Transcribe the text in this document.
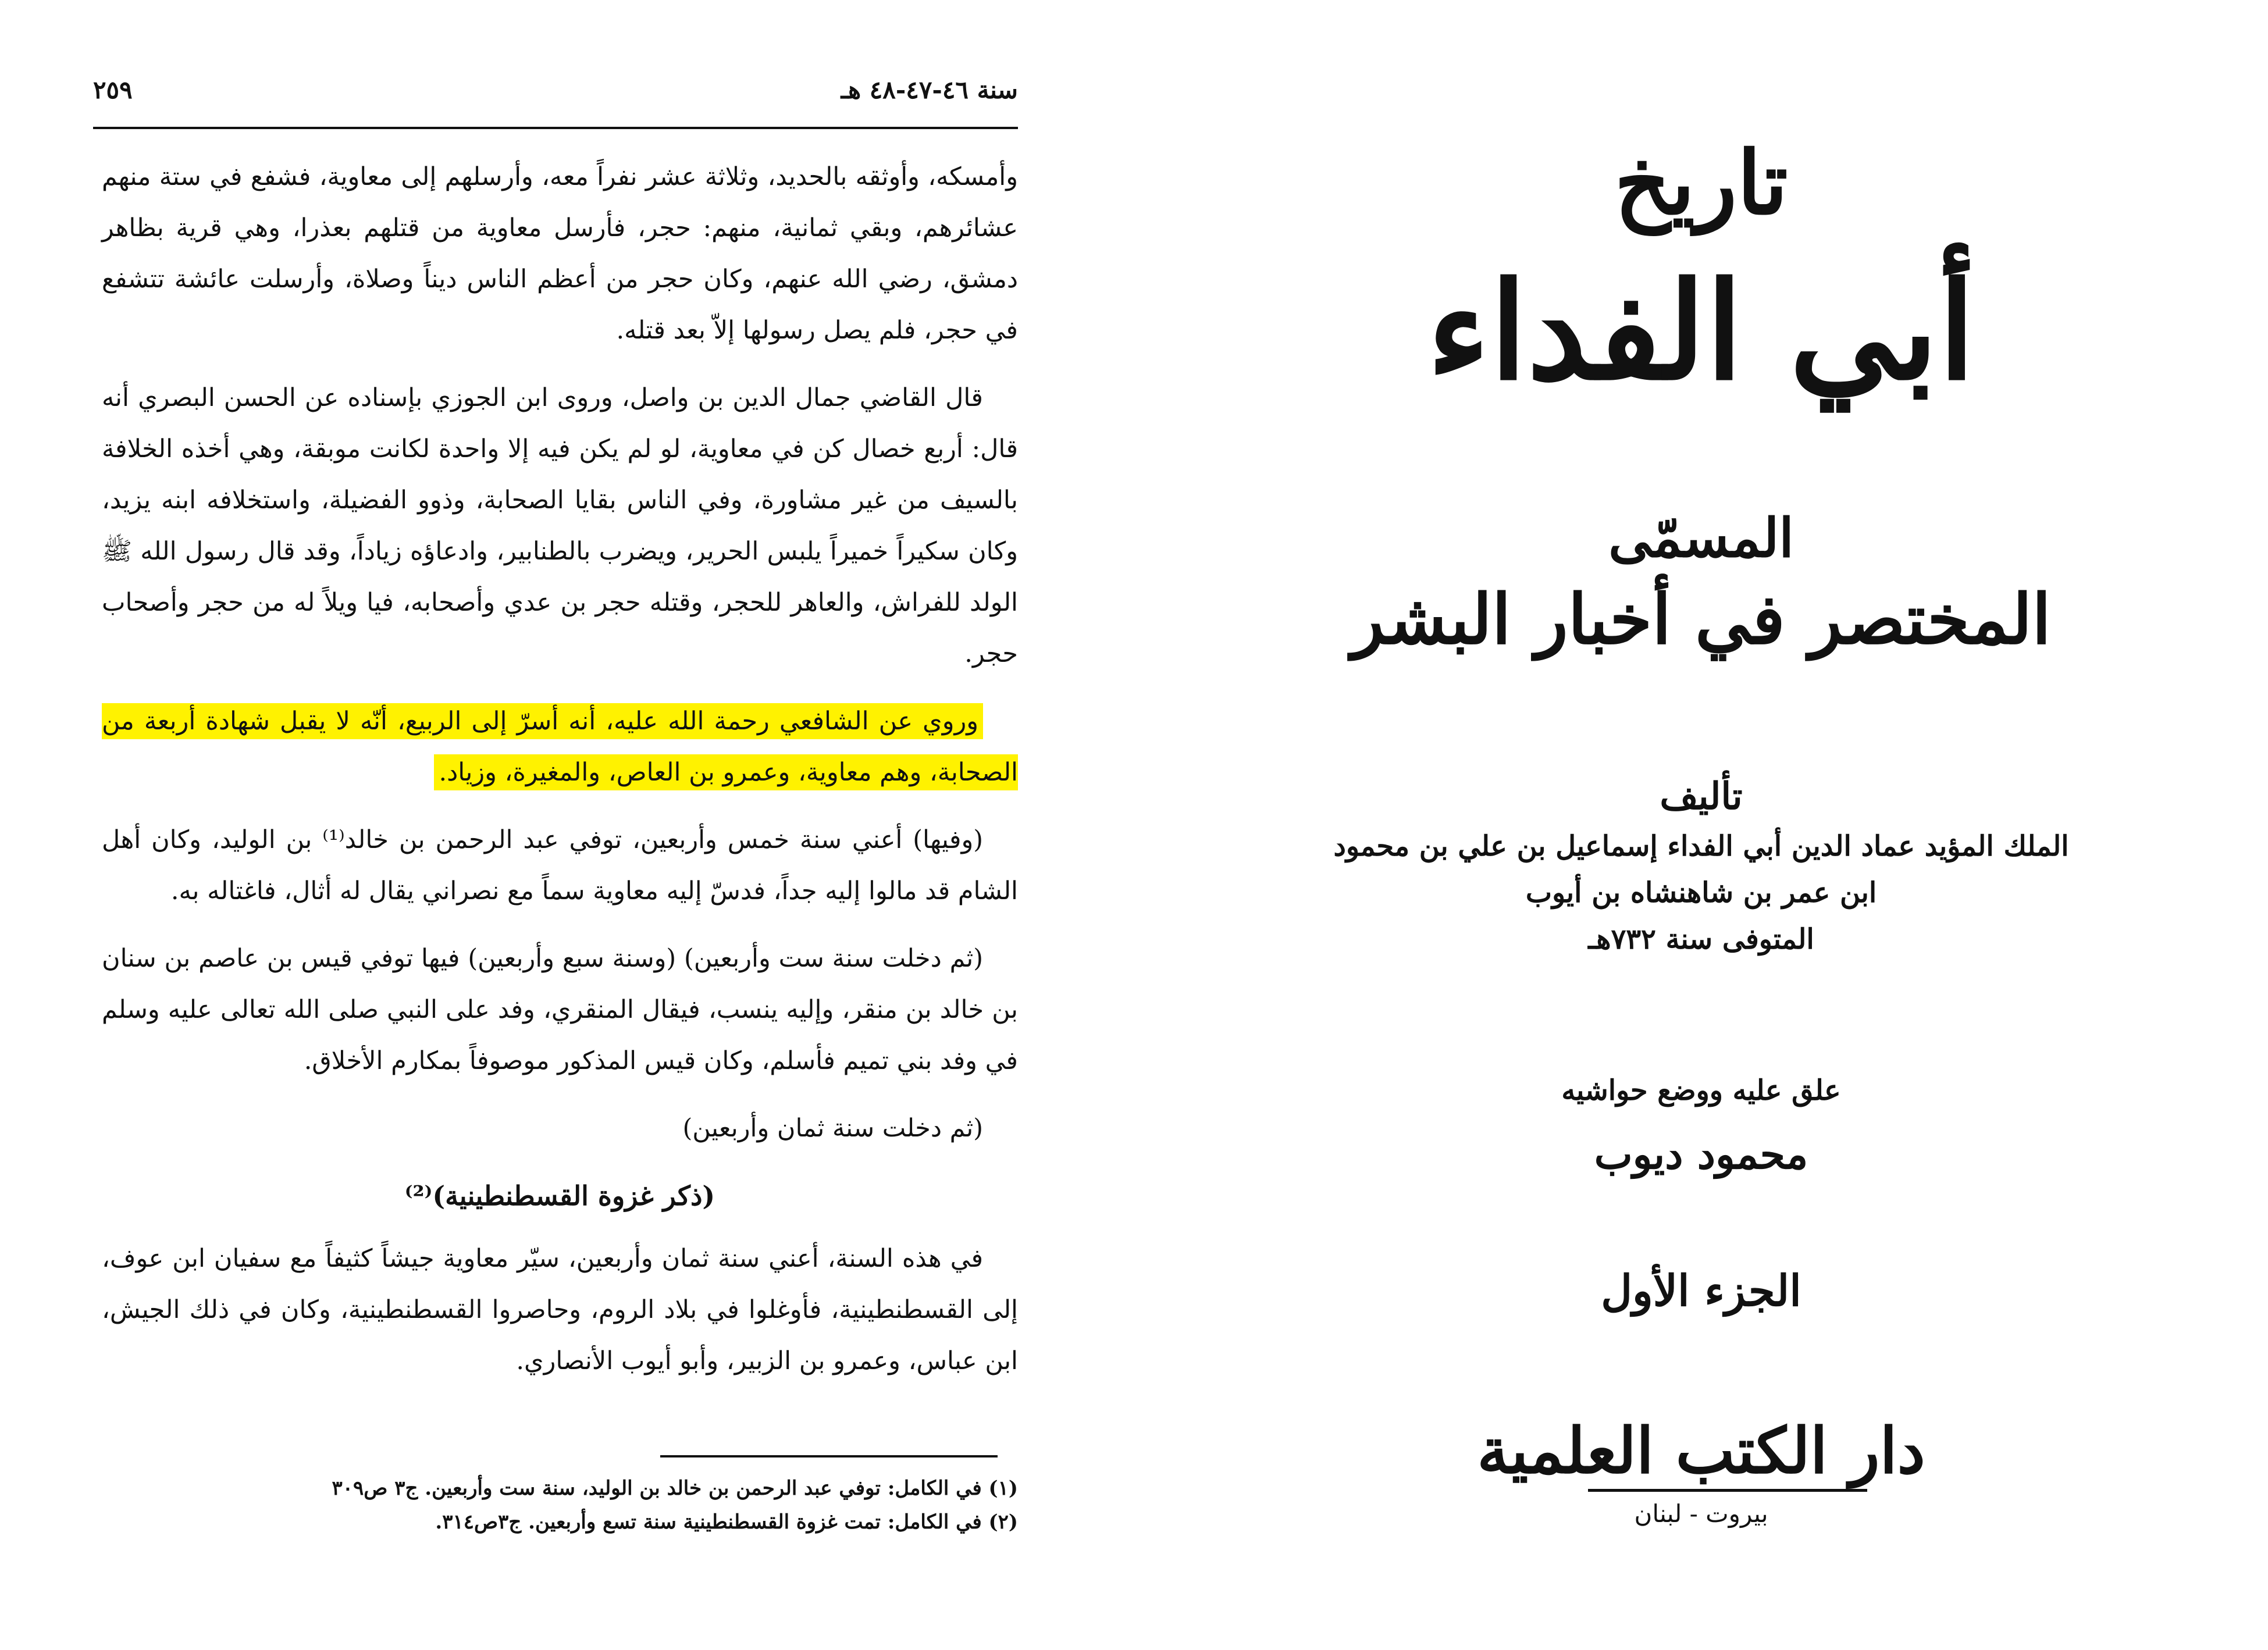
سنة ٤٦-٤٧-٤٨ هـ
٢٥٩

وأمسكه، وأوثقه بالحديد، وثلاثة عشر نفراً معه، وأرسلهم إلى معاوية، فشفع في ستة منهم عشائرهم، وبقي ثمانية، منهم: حجر، فأرسل معاوية من قتلهم بعذرا، وهي قرية بظاهر دمشق، رضي الله عنهم، وكان حجر من أعظم الناس ديناً وصلاة، وأرسلت عائشة تتشفع في حجر، فلم يصل رسولها إلاّ بعد قتله.

قال القاضي جمال الدين بن واصل، وروى ابن الجوزي بإسناده عن الحسن البصري أنه قال: أربع خصال كن في معاوية، لو لم يكن فيه إلا واحدة لكانت موبقة، وهي أخذه الخلافة بالسيف من غير مشاورة، وفي الناس بقايا الصحابة، وذوو الفضيلة، واستخلافه ابنه يزيد، وكان سكيراً خميراً يلبس الحرير، ويضرب بالطنابير، وادعاؤه زياداً، وقد قال رسول الله ﷺ الولد للفراش، والعاهر للحجر، وقتله حجر بن عدي وأصحابه، فيا ويلاً له من حجر وأصحاب حجر.

وروي عن الشافعي رحمة الله عليه، أنه أسرّ إلى الربيع، أنّه لا يقبل شهادة أربعة من الصحابة، وهم معاوية، وعمرو بن العاص، والمغيرة، وزياد.

(وفيها) أعني سنة خمس وأربعين، توفي عبد الرحمن بن خالد⁽¹⁾ بن الوليد، وكان أهل الشام قد مالوا إليه جداً، فدسّ إليه معاوية سماً مع نصراني يقال له أثال، فاغتاله به.

(ثم دخلت سنة ست وأربعين) (وسنة سبع وأربعين) فيها توفي قيس بن عاصم بن سنان بن خالد بن منقر، وإليه ينسب، فيقال المنقري، وفد على النبي صلى الله تعالى عليه وسلم في وفد بني تميم فأسلم، وكان قيس المذكور موصوفاً بمكارم الأخلاق.

(ثم دخلت سنة ثمان وأربعين)

(ذكر غزوة القسطنطينية)⁽²⁾

في هذه السنة، أعني سنة ثمان وأربعين، سيّر معاوية جيشاً كثيفاً مع سفيان ابن عوف، إلى القسطنطينية، فأوغلوا في بلاد الروم، وحاصروا القسطنطينية، وكان في ذلك الجيش، ابن عباس، وعمرو بن الزبير، وأبو أيوب الأنصاري.

(١) في الكامل: توفي عبد الرحمن بن خالد بن الوليد، سنة ست وأربعين. ج٣ ص٣٠٩
(٢) في الكامل: تمت غزوة القسطنطينية سنة تسع وأربعين. ج٣ص٣١٤.
تاريخ
أبي الفداء
المسمّى
المختصر في أخبار البشر
تأليف
الملك المؤيد عماد الدين أبي الفداء إسماعيل بن علي بن محمود
ابن عمر بن شاهنشاه بن أيوب
المتوفى سنة ٧٣٢هـ
علق عليه ووضع حواشيه
محمود ديوب
الجزء الأول
دار الكتب العلمية
بيروت - لبنان
